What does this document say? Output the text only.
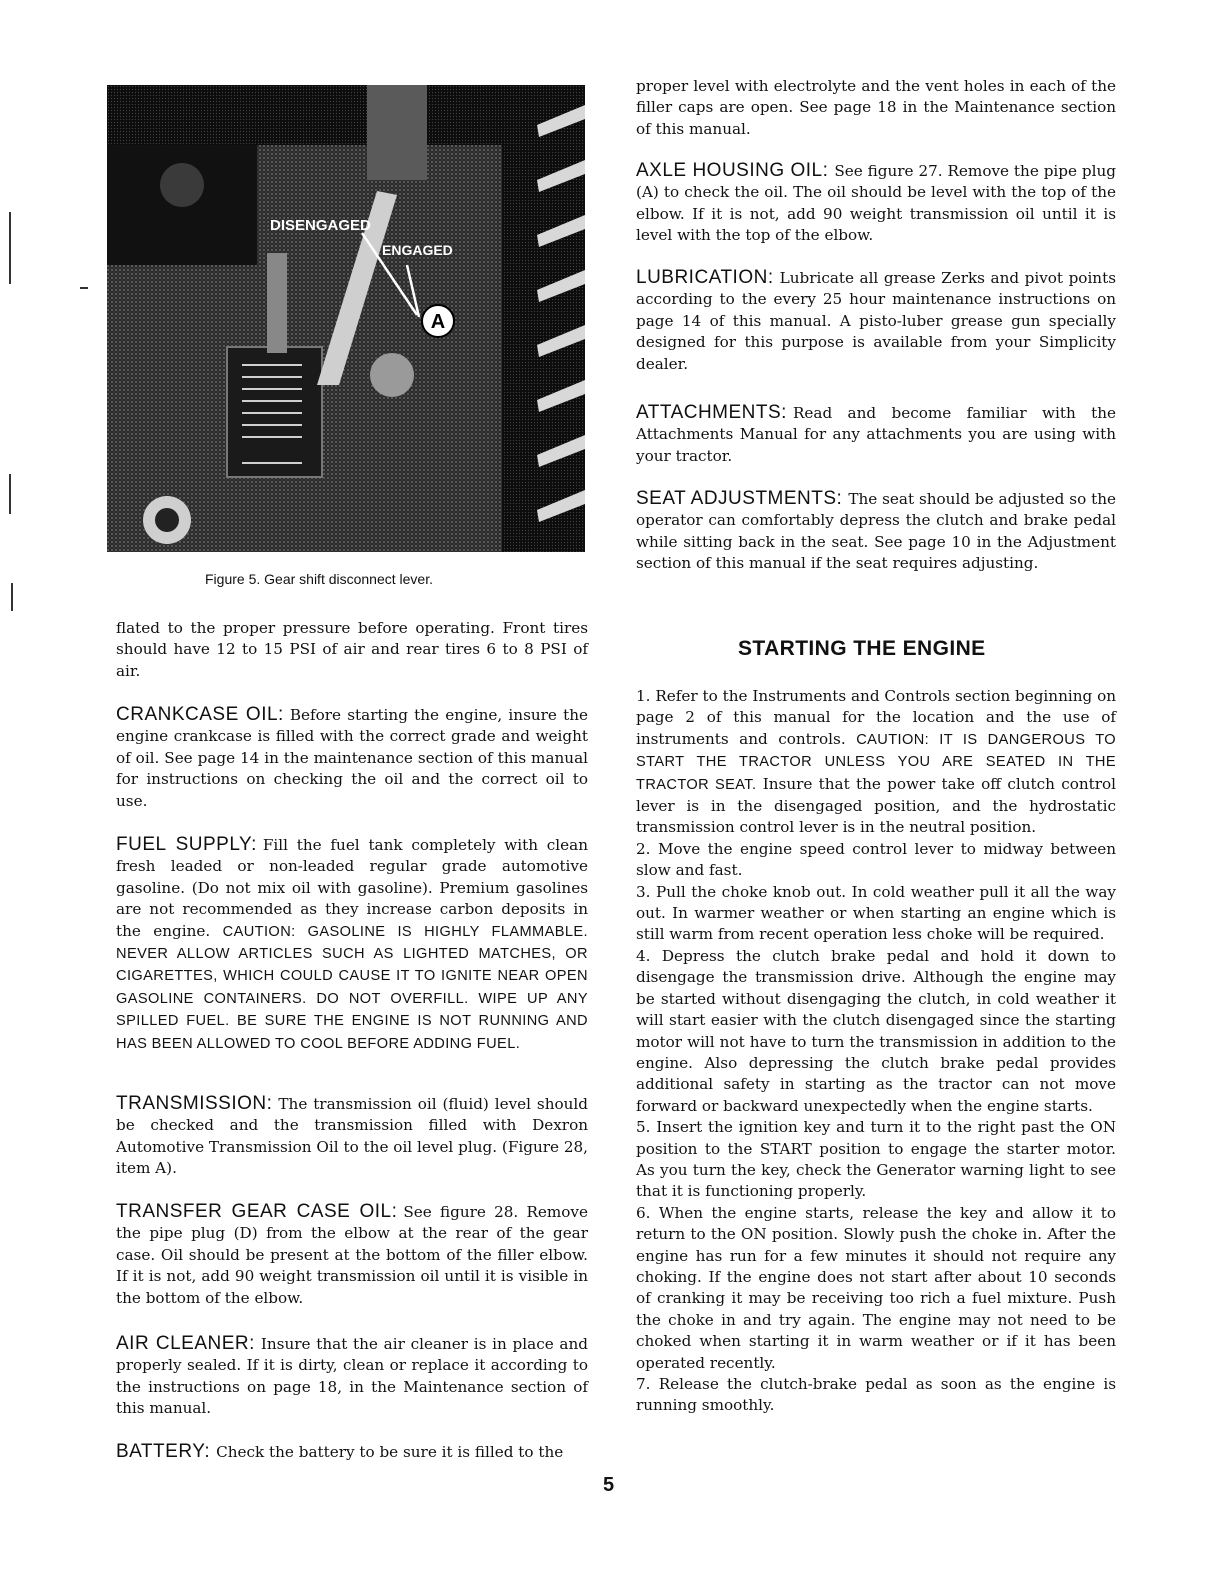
DISENGAGED
ENGAGED
A
Figure 5. Gear shift disconnect lever.

flated to the proper pressure before operating. Front tires should have 12 to 15 PSI of air and rear tires 6 to 8 PSI of air.

CRANKCASE OIL: Before starting the engine, insure the engine crankcase is filled with the correct grade and weight of oil. See page 14 in the maintenance section of this manual for instructions on checking the oil and the correct oil to use.

FUEL SUPPLY: Fill the fuel tank completely with clean fresh leaded or non-leaded regular grade automotive gasoline. (Do not mix oil with gasoline). Premium gasolines are not recommended as they increase carbon deposits in the engine. CAUTION: GASOLINE IS HIGHLY FLAMMABLE. NEVER ALLOW ARTICLES SUCH AS LIGHTED MATCHES, OR CIGARETTES, WHICH COULD CAUSE IT TO IGNITE NEAR OPEN GASOLINE CONTAINERS. DO NOT OVERFILL. WIPE UP ANY SPILLED FUEL. BE SURE THE ENGINE IS NOT RUNNING AND HAS BEEN ALLOWED TO COOL BEFORE ADDING FUEL.

TRANSMISSION: The transmission oil (fluid) level should be checked and the transmission filled with Dexron Automotive Transmission Oil to the oil level plug. (Figure 28, item A).

TRANSFER GEAR CASE OIL: See figure 28. Remove the pipe plug (D) from the elbow at the rear of the gear case. Oil should be present at the bottom of the filler elbow. If it is not, add 90 weight transmission oil until it is visible in the bottom of the elbow.

AIR CLEANER: Insure that the air cleaner is in place and properly sealed. If it is dirty, clean or replace it according to the instructions on page 18, in the Maintenance section of this manual.

BATTERY: Check the battery to be sure it is filled to the

proper level with electrolyte and the vent holes in each of the filler caps are open. See page 18 in the Maintenance section of this manual.

AXLE HOUSING OIL: See figure 27. Remove the pipe plug (A) to check the oil. The oil should be level with the top of the elbow. If it is not, add 90 weight transmission oil until it is level with the top of the elbow.

LUBRICATION: Lubricate all grease Zerks and pivot points according to the every 25 hour maintenance instructions on page 14 of this manual. A pisto-luber grease gun specially designed for this purpose is available from your Simplicity dealer.

ATTACHMENTS: Read and become familiar with the Attachments Manual for any attachments you are using with your tractor.

SEAT ADJUSTMENTS: The seat should be adjusted so the operator can comfortably depress the clutch and brake pedal while sitting back in the seat. See page 10 in the Adjustment section of this manual if the seat requires adjusting.

STARTING THE ENGINE

1. Refer to the Instruments and Controls section beginning on page 2 of this manual for the location and the use of instruments and controls. CAUTION: IT IS DANGEROUS TO START THE TRACTOR UNLESS YOU ARE SEATED IN THE TRACTOR SEAT. Insure that the power take off clutch control lever is in the disengaged position, and the hydrostatic transmission control lever is in the neutral position.

2. Move the engine speed control lever to midway between slow and fast.

3. Pull the choke knob out. In cold weather pull it all the way out. In warmer weather or when starting an engine which is still warm from recent operation less choke will be required.

4. Depress the clutch brake pedal and hold it down to disengage the transmission drive. Although the engine may be started without disengaging the clutch, in cold weather it will start easier with the clutch disengaged since the starting motor will not have to turn the transmission in addition to the engine. Also depressing the clutch brake pedal provides additional safety in starting as the tractor can not move forward or backward unexpectedly when the engine starts.

5. Insert the ignition key and turn it to the right past the ON position to the START position to engage the starter motor. As you turn the key, check the Generator warning light to see that it is functioning properly.

6. When the engine starts, release the key and allow it to return to the ON position. Slowly push the choke in. After the engine has run for a few minutes it should not require any choking. If the engine does not start after about 10 seconds of cranking it may be receiving too rich a fuel mixture. Push the choke in and try again. The engine may not need to be choked when starting it in warm weather or if it has been operated recently.

7. Release the clutch-brake pedal as soon as the engine is running smoothly.

5
